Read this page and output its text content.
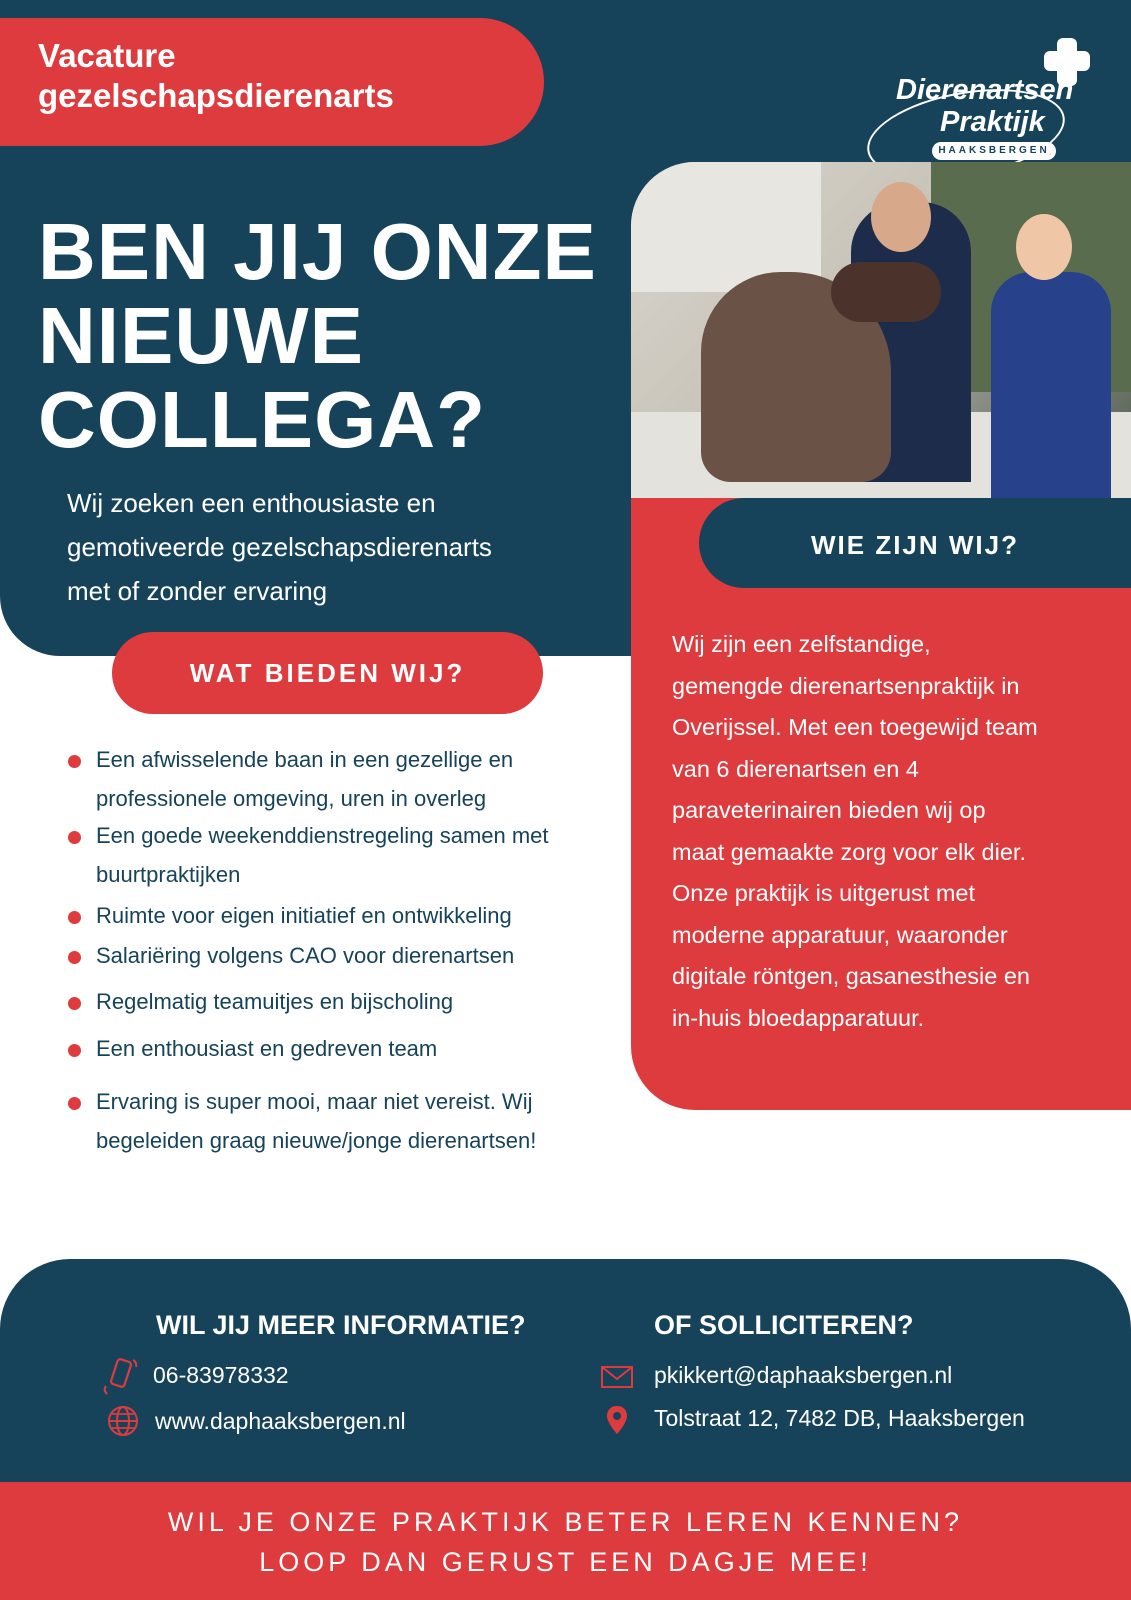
Vacature
gezelschapsdierenarts	Dierenartsen
Praktijk
HAAKSBERGEN
BEN JIJ ONZE
NIEUWE
COLLEGA?
Wij zoeken een enthousiaste en
gemotiveerde gezelschapsdierenarts
met of zonder ervaring
WIE ZIJN WIJ?
Wij zijn een zelfstandige,
gemengde dierenartsenpraktijk in
Overijssel. Met een toegewijd team
van 6 dierenartsen en 4
paraveterinairen bieden wij op
maat gemaakte zorg voor elk dier.
Onze praktijk is uitgerust met
moderne apparatuur, waaronder
digitale röntgen, gasanesthesie en
in-huis bloedapparatuur.
WAT BIEDEN WIJ?
Een afwisselende baan in een gezellige en professionele omgeving, uren in overleg
Een goede weekenddienstregeling samen met buurtpraktijken
Ruimte voor eigen initiatief en ontwikkeling
Salariëring volgens CAO voor dierenartsen
Regelmatig teamuitjes en bijscholing
Een enthousiast en gedreven team
Ervaring is super mooi, maar niet vereist. Wij begeleiden graag nieuwe/jonge dierenartsen!
WIL JIJ MEER INFORMATIE?	OF SOLLICITEREN?
06-83978332
www.daphaaksbergen.nl
pkikkert@daphaaksbergen.nl
Tolstraat 12, 7482 DB, Haaksbergen
WIL JE ONZE PRAKTIJK BETER LEREN KENNEN?
LOOP DAN GERUST EEN DAGJE MEE!
